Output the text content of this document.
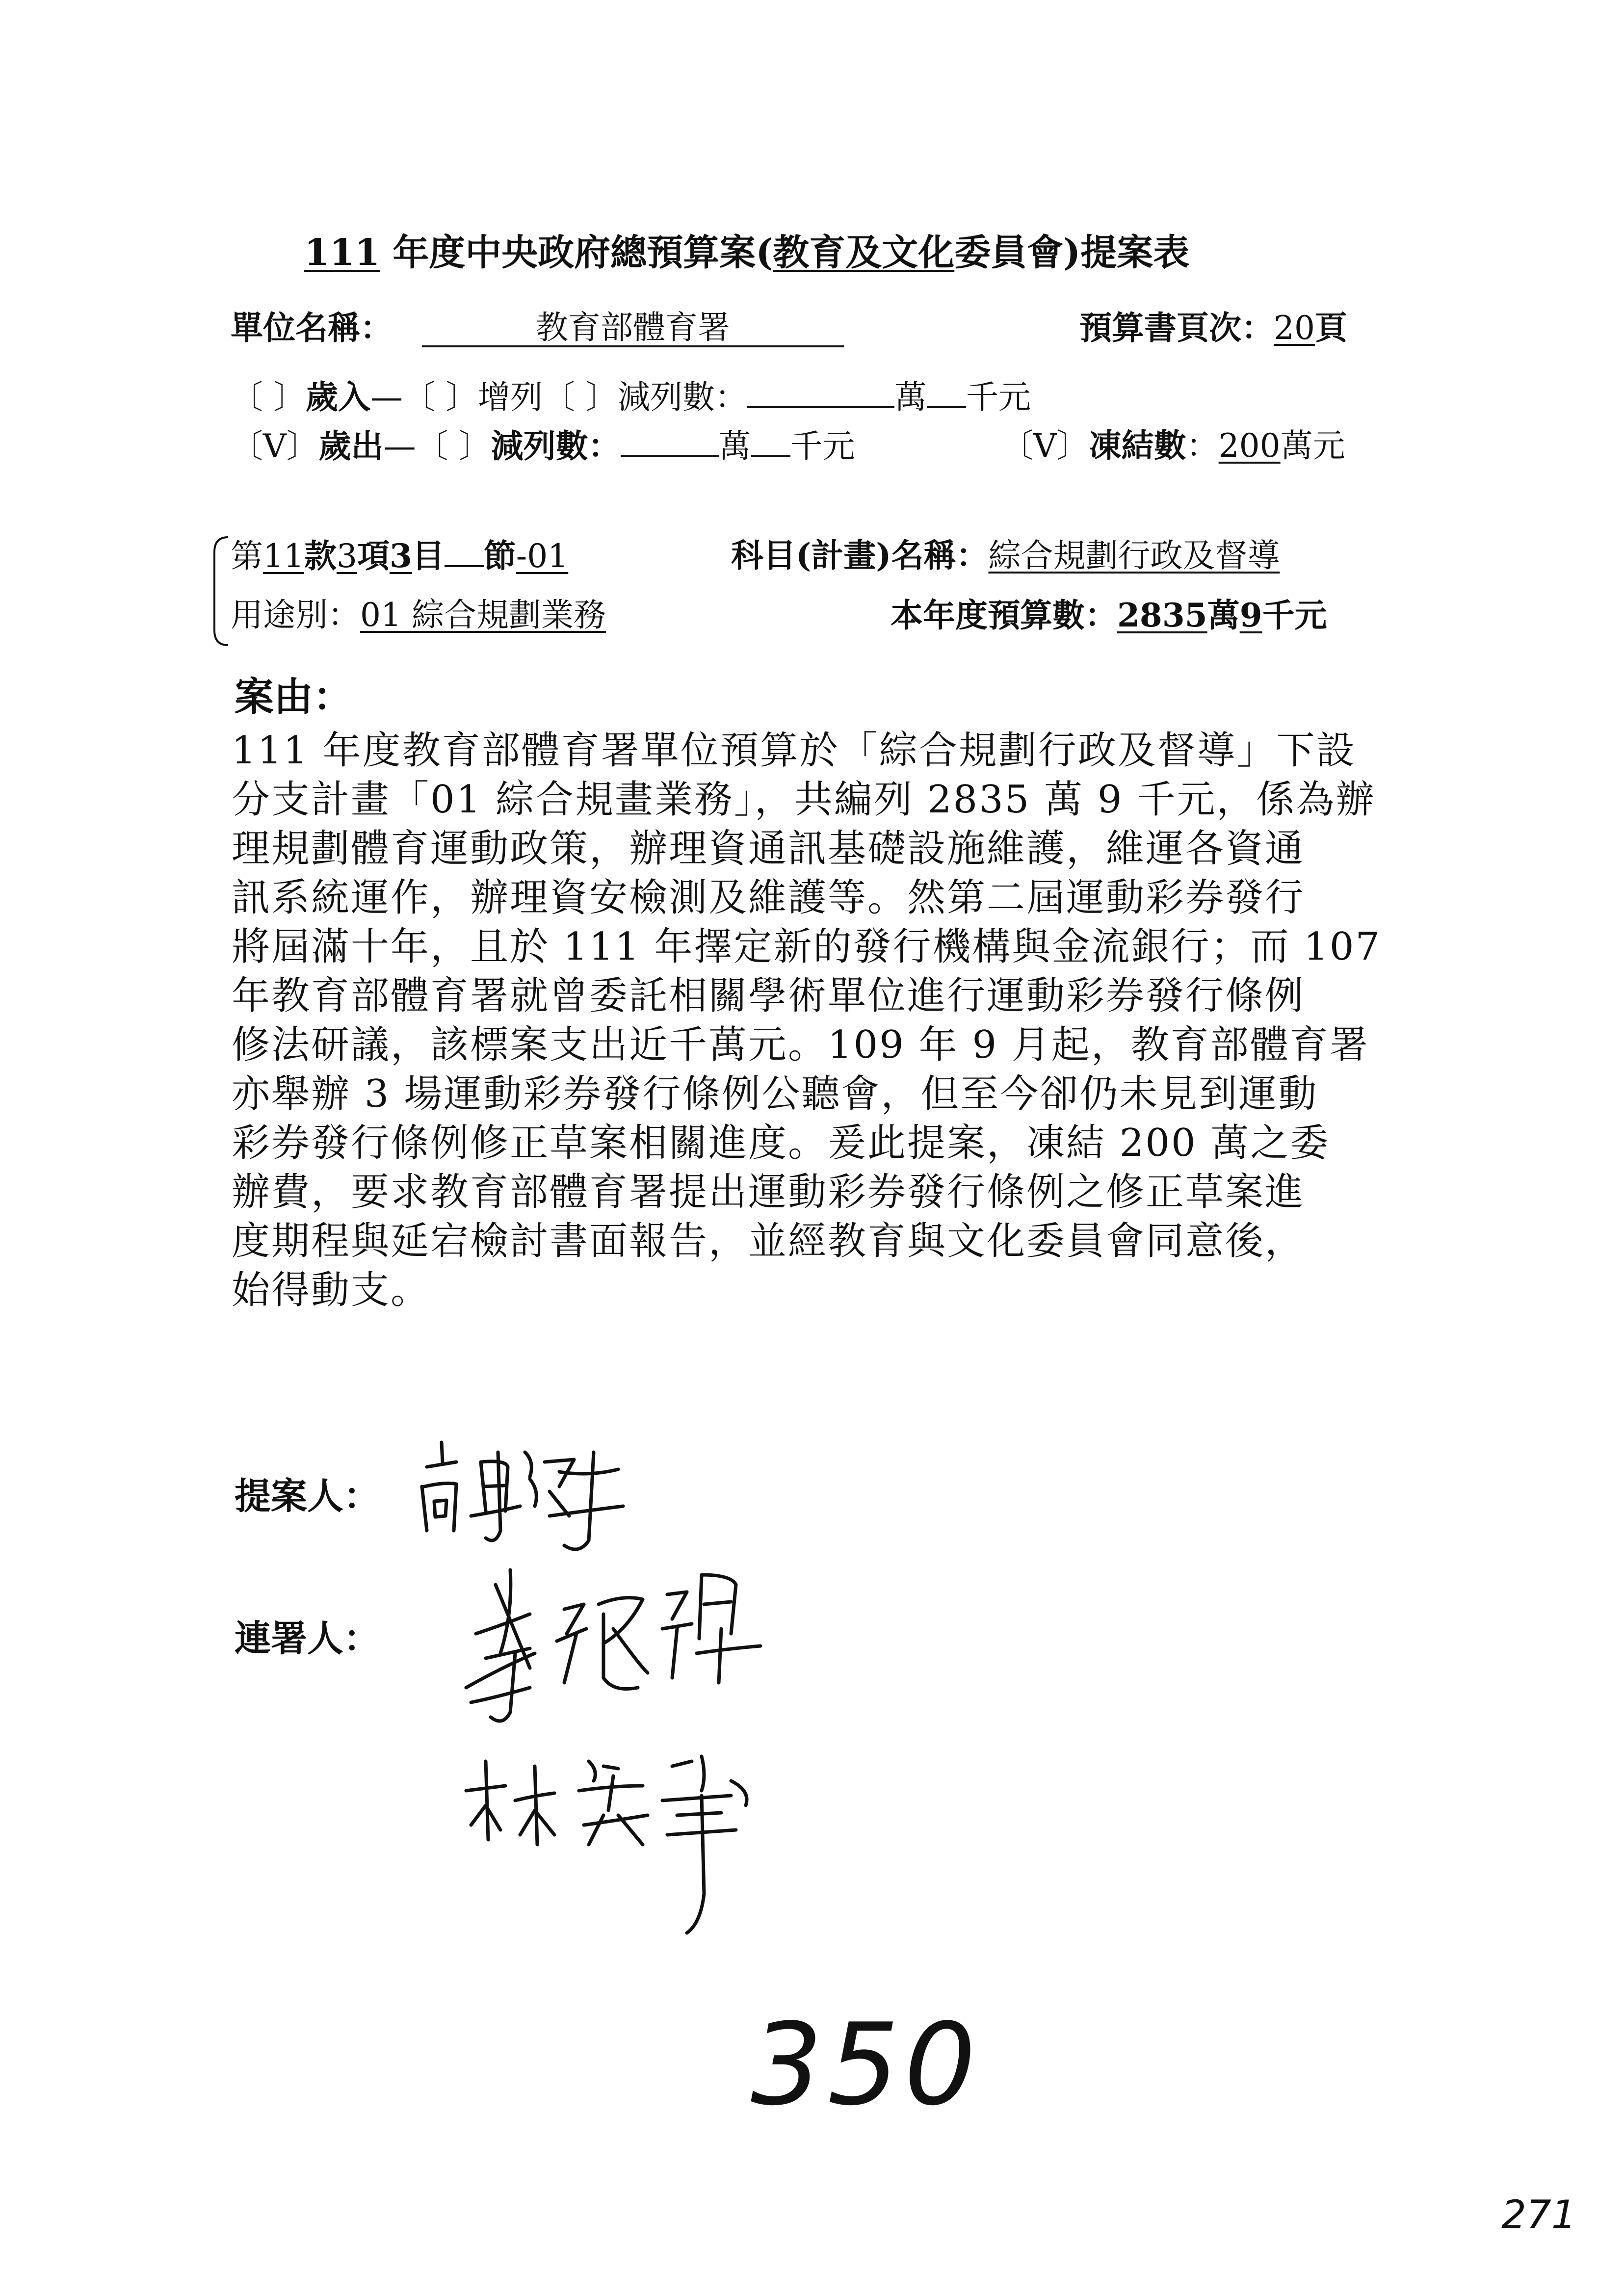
111 年度中央政府總預算案(教育及文化委員會)提案表
單位名稱：	教育部體育署	預算書頁次：20頁
〔 〕歲入—〔 〕增列〔 〕減列數：	萬 千元
〔V〕歲出—〔 〕減列數：	萬 千元	〔V〕凍結數：200萬元
第11款3項3目 節-01	科目(計畫)名稱：綜合規劃行政及督導
用途別：01 綜合規劃業務	本年度預算數：2835萬9千元
案由：
111 年度教育部體育署單位預算於「綜合規劃行政及督導」下設
分支計畫「01 綜合規畫業務」，共編列 2835 萬 9 千元，係為辦
理規劃體育運動政策，辦理資通訊基礎設施維護，維運各資通
訊系統運作，辦理資安檢測及維護等。然第二屆運動彩券發行
將屆滿十年，且於 111 年擇定新的發行機構與金流銀行；而 107
年教育部體育署就曾委託相關學術單位進行運動彩券發行條例
修法研議，該標案支出近千萬元。109 年 9 月起，教育部體育署
亦舉辦 3 場運動彩券發行條例公聽會，但至今卻仍未見到運動
彩券發行條例修正草案相關進度。爰此提案，凍結 200 萬之委
辦費，要求教育部體育署提出運動彩券發行條例之修正草案進
度期程與延宕檢討書面報告，並經教育與文化委員會同意後，
始得動支。
提案人：
連署人：
350
271
